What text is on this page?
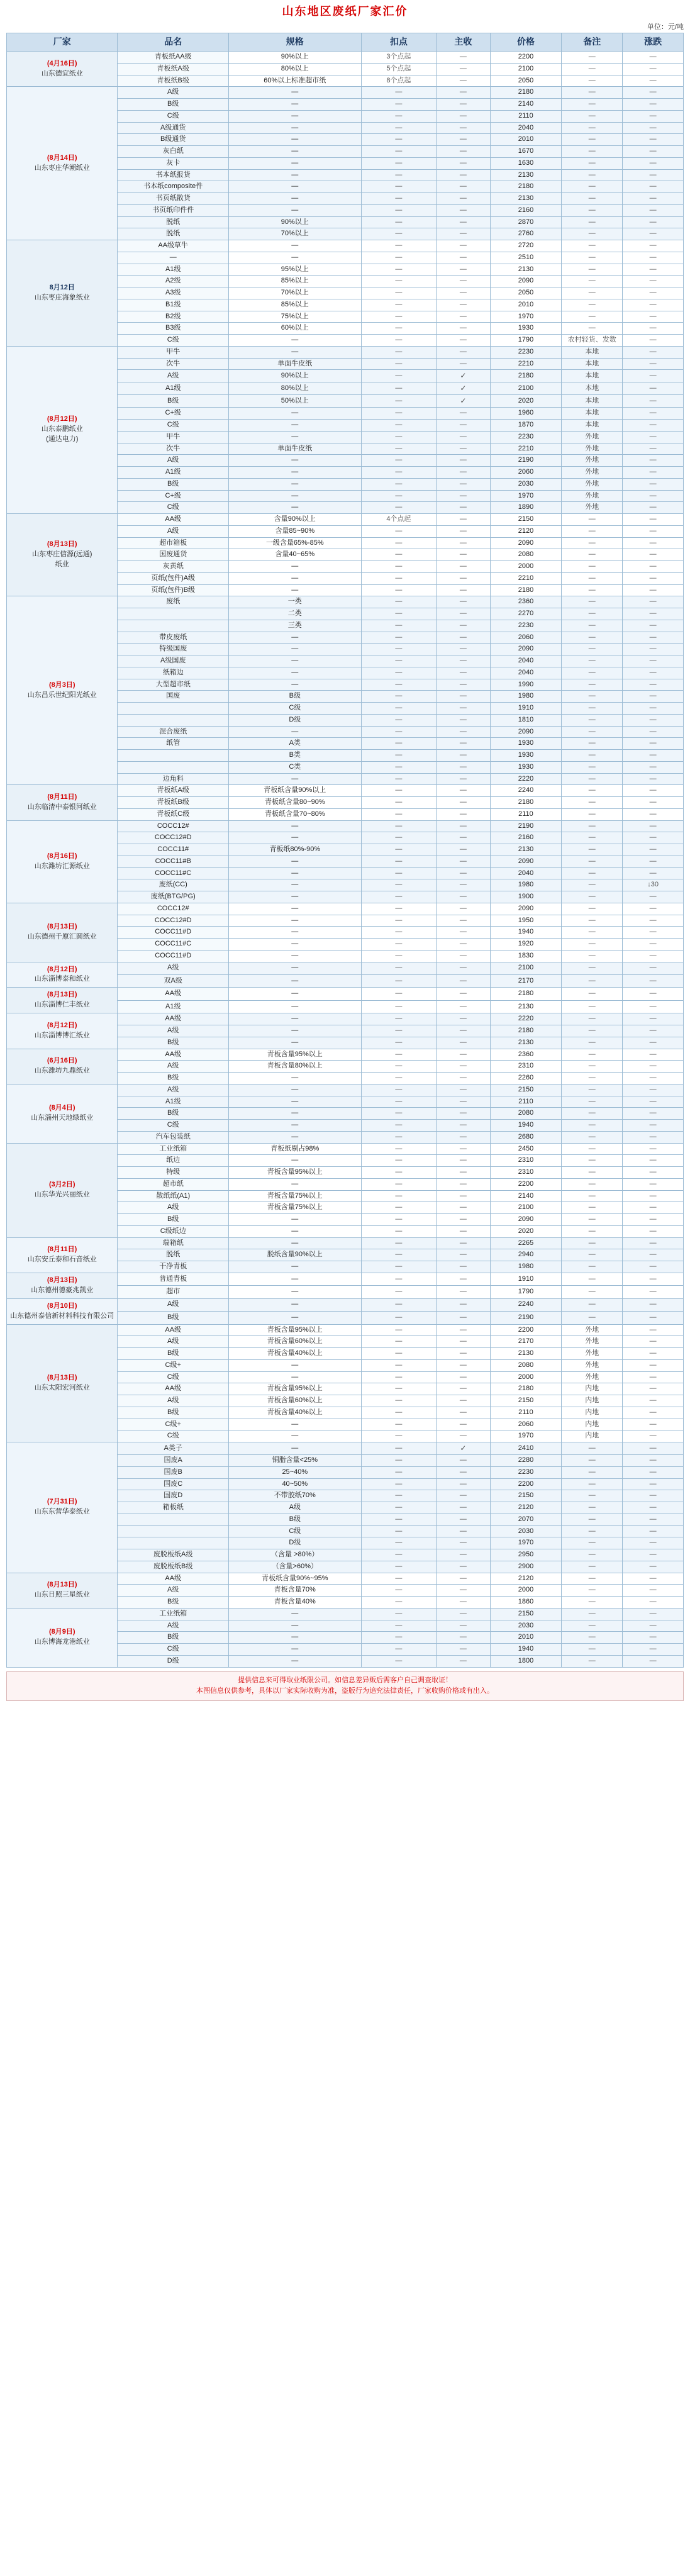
山东地区废纸厂家汇价
单位：元/吨
厂家	品名	规格	扣点	主收	价格	备注	涨跌

(4月16日)
山东德宜纸业	青板纸AA级	90%以上	3个点起	—	2200	—	—
	青板纸A级	80%以上	5个点起	—	2100	—	—
	青板纸B级	60%以上标准超市纸	8个点起	—	2050	—	—

(8月14日)
山东枣庄华潮纸业	A级	—	—	—	2180	—	—
	B级	—	—	—	2140	—	—
	C级	—	—	—	2110	—	—
	A级通货	—	—	—	2040	—	—
	B级通货	—	—	—	2010	—	—
	灰白纸	—	—	—	1670	—	—
	灰卡	—	—	—	1630	—	—
	书本纸报货	—	—	—	2130	—	—
	书本纸composite件	—	—	—	2180	—	—
	书页纸散货	—	—	—	2130	—	—
	书页纸印件件	—	—	—	2160	—	—
	脱纸	90%以上	—	—	2870	—	—
	脱纸	70%以上	—	—	2760	—	—

8月12日
山东枣庄海象纸业	AA级草牛	—	—	—	2720	—	—
	—	—	—	—	2510	—	—
	A1级	95%以上	—	—	2130	—	—
	A2级	85%以上	—	—	2090	—	—
	A3级	70%以上	—	—	2050	—	—
	B1级	85%以上	—	—	2010	—	—
	B2级	75%以上	—	—	1970	—	—
	B3级	60%以上	—	—	1930	—	—
	C级	—	—	—	1790	农村轻货、发数	—

(8月12日)
山东泰鹏纸业
(通达电力)	甲牛	—	—	—	2230	本地	—
	次牛	单面牛皮纸	—	—	2210	本地	—
	A级	90%以上	—	✓	2180	本地	—
	A1级	80%以上	—	✓	2100	本地	—
	B级	50%以上	—	✓	2020	本地	—
	C+级	—	—	—	1960	本地	—
	C级	—	—	—	1870	本地	—
	甲牛	—	—	—	2230	外地	—
	次牛	单面牛皮纸	—	—	2210	外地	—
	A级	—	—	—	2190	外地	—
	A1级	—	—	—	2060	外地	—
	B级	—	—	—	2030	外地	—
	C+级	—	—	—	1970	外地	—
	C级	—	—	—	1890	外地	—

(8月13日)
山东枣庄信源(远通)
纸业	AA级	含量90%以上	4个点起	—	2150	—	—
	A级	含量85~90%	—	—	2120	—	—
	超市箱板	一级含量65%-85%	—	—	2090	—	—
	国废通货	含量40~65%	—	—	2080	—	—
	灰黄纸	—	—	—	2000	—	—
	页纸(包件)A级	—	—	—	2210	—	—
	页纸(包件)B级	—	—	—	2180	—	—

(8月3日)
山东昌乐世纪阳光纸业	废纸	一类	—	—	2360	—	—
		二类	—	—	2270	—	—
		三类	—	—	2230	—	—
	带皮废纸	—	—	—	2060	—	—
	特级国废	—	—	—	2090	—	—
	A级国废	—	—	—	2040	—	—
	纸箱边	—	—	—	2040	—	—
	大型超市纸	—	—	—	1990	—	—
	国废	B级	—	—	1980	—	—
		C级	—	—	1910	—	—
		D级	—	—	1810	—	—
	混合废纸	—	—	—	2090	—	—
	纸管	A类	—	—	1930	—	—
		B类	—	—	1930	—	—
		C类	—	—	1930	—	—
	边角料	—	—	—	2220	—	—

(8月11日)
山东临清中泰银河纸业	青板纸A级	青板纸含量90%以上	—	—	2240	—	—
	青板纸B级	青板纸含量80~90%	—	—	2180	—	—
	青板纸C级	青板纸含量70~80%	—	—	2110	—	—

(8月16日)
山东潍坊汇源纸业	COCC12#	—	—	—	2190	—	—
	COCC12#D	—	—	—	2160	—	—
	COCC11#	青板纸80%-90%	—	—	2130	—	—
	COCC11#B	—	—	—	2090	—	—
	COCC11#C	—	—	—	2040	—	—
	废纸(CC)	—	—	—	1980	—	↓30
	废纸(BTG/PG)	—	—	—	1900	—	—

(8月13日)
山东德州千原汇圆纸业	COCC12#	—	—	—	2090	—	—
	COCC12#D	—	—	—	1950	—	—
	COCC11#D	—	—	—	1940	—	—
	COCC11#C	—	—	—	1920	—	—
	COCC11#D	—	—	—	1830	—	—

(8月12日)
山东淄博泰和纸业	A级	—	—	—	2100	—	—
	双A级	—	—	—	2170	—	—

(8月13日)
山东淄博仁丰纸业	AA级	—	—	—	2180	—	—
	A1级	—	—	—	2130	—	—

(8月12日)
山东淄博博汇纸业	AA级	—	—	—	2220	—	—
	A级	—	—	—	2180	—	—
	B级	—	—	—	2130	—	—

(6月16日)
山东潍坊九鼎纸业	AA级	青板含量95%以上	—	—	2360	—	—
	A级	青板含量80%以上	—	—	2310	—	—
	B级	—	—	—	2260	—	—

(8月4日)
山东淄州天地绿纸业	A级	—	—	—	2150	—	—
	A1级	—	—	—	2110	—	—
	B级	—	—	—	2080	—	—
	C级	—	—	—	1940	—	—
	汽车包装纸	—	—	—	2680	—	—

(3月2日)
山东华光兴丽纸业	工业纸箱	青板纸剔占98%	—	—	2450	—	—
	纸边	—	—	—	2310	—	—
	特级	青板含量95%以上	—	—	2310	—	—
	超市纸	—	—	—	2200	—	—
	散纸纸(A1)	青板含量75%以上	—	—	2140	—	—
	A级	青板含量75%以上	—	—	2100	—	—
	B级	—	—	—	2090	—	—
	C级纸边	—	—	—	2020	—	—

(8月11日)
山东安丘泰和石音纸业	瑞箱纸	—	—	—	2265	—	—
	脱纸	脱纸含量90%以上	—	—	2940	—	—
	干净青板	—	—	—	1980	—	—

(8月13日)
山东德州德豪兆凯业	普通青板	—	—	—	1910	—	—
	超市	—	—	—	1790	—	—

(8月10日)
山东德州泰信新材料科技有限公司	A级	—	—	—	2240	—	—
	B级	—	—	—	2190	—	—

(8月13日)
山东太阳宏河纸业	AA级	青板含量95%以上	—	—	2200	外地	—
	A级	青板含量60%以上	—	—	2170	外地	—
	B级	青板含量40%以上	—	—	2130	外地	—
	C级+	—	—	—	2080	外地	—
	C级	—	—	—	2000	外地	—
	AA级	青板含量95%以上	—	—	2180	内地	—
	A级	青板含量60%以上	—	—	2150	内地	—
	B级	青板含量40%以上	—	—	2110	内地	—
	C级+	—	—	—	2060	内地	—
	C级	—	—	—	1970	内地	—

(7月31日)
山东东营华泰纸业	A类子	—	—	✓	2410	—	—
	国废A	铜脂含量<25%	—	—	2280	—	—
	国废B	25~40%	—	—	2230	—	—
	国废C	40~50%	—	—	2200	—	—
	国废D	不带胶纸70%	—	—	2150	—	—
	箱板纸	A级	—	—	2120	—	—
		B级	—	—	2070	—	—
		C级	—	—	2030	—	—
		D级	—	—	1970	—	—
	废脱板纸A级	（含量 >80%）	—	—	2950	—	—
	废脱板纸B级	（含量>60%）	—	—	2900	—	—

(8月13日)
山东日照三星纸业	AA级	青板纸含量90%~95%	—	—	2120	—	—
	A级	青板含量70%	—	—	2000	—	—
	B级	青板含量40%	—	—	1860	—	—

(8月9日)
山东博海龙港纸业	工业纸箱	—	—	—	2150	—	—
	A级	—	—	—	2030	—	—
	B级	—	—	—	2010	—	—
	C级	—	—	—	1940	—	—
	D级	—	—	—	1800	—	—
提供信息来可得取业纸限公司。如信息差异贩后需客户自己调查取证！
本图信息仅供参考，具体以厂家实际收购为准，盗版行为追究法律责任，厂家收购价格或有出入。
